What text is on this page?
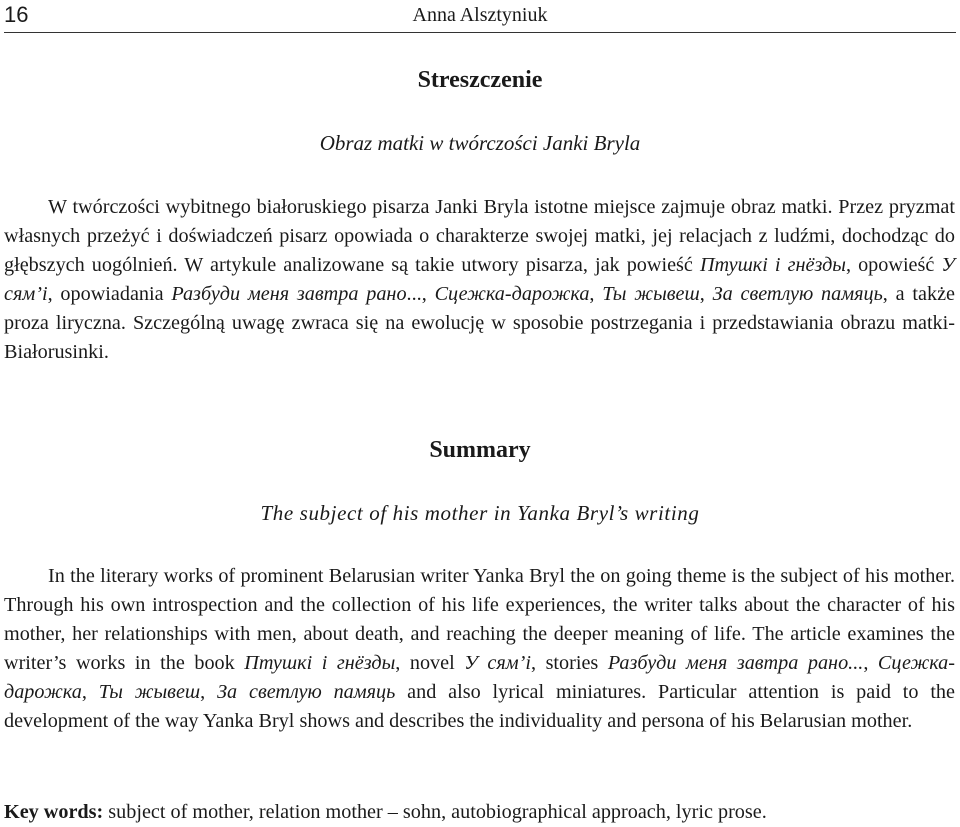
16	Anna Alsztyniuk
Streszczenie

Obraz matki w twórczości Janki Bryla

W twórczości wybitnego białoruskiego pisarza Janki Bryla istotne miejsce zajmuje obraz matki. Przez pryzmat własnych przeżyć i doświadczeń pisarz opowiada o charakterze swojej matki, jej relacjach z ludźmi, dochodząc do głębszych uogólnień. W artykule analizowane są takie utwory pisarza, jak powieść Птушкі і гнёзды, opowieść У сям’і, opowiadania Разбуди меня завтра рано..., Сцежка-дарожка, Ты жывеш, За светлую памяць, a także proza liryczna. Szczególną uwagę zwraca się na ewolucję w sposobie postrzegania i przedstawiania obrazu matki-Białorusinki.

Summary

The subject of his mother in Yanka Bryl’s writing

In the literary works of prominent Belarusian writer Yanka Bryl the on going theme is the subject of his mother. Through his own introspection and the collection of his life experiences, the writer talks about the character of his mother, her relationships with men, about death, and reaching the deeper meaning of life. The article examines the writer’s works in the book Птушкі і гнёзды, novel У сям’і, stories Разбуди меня завтра рано..., Сцежка-дарожка, Ты жывеш, За светлую памяць and also lyrical miniatures. Particular attention is paid to the development of the way Yanka Bryl shows and describes the individuality and persona of his Belarusian mother.

Key words: subject of mother, relation mother – sohn, autobiographical approach, lyric prose.
